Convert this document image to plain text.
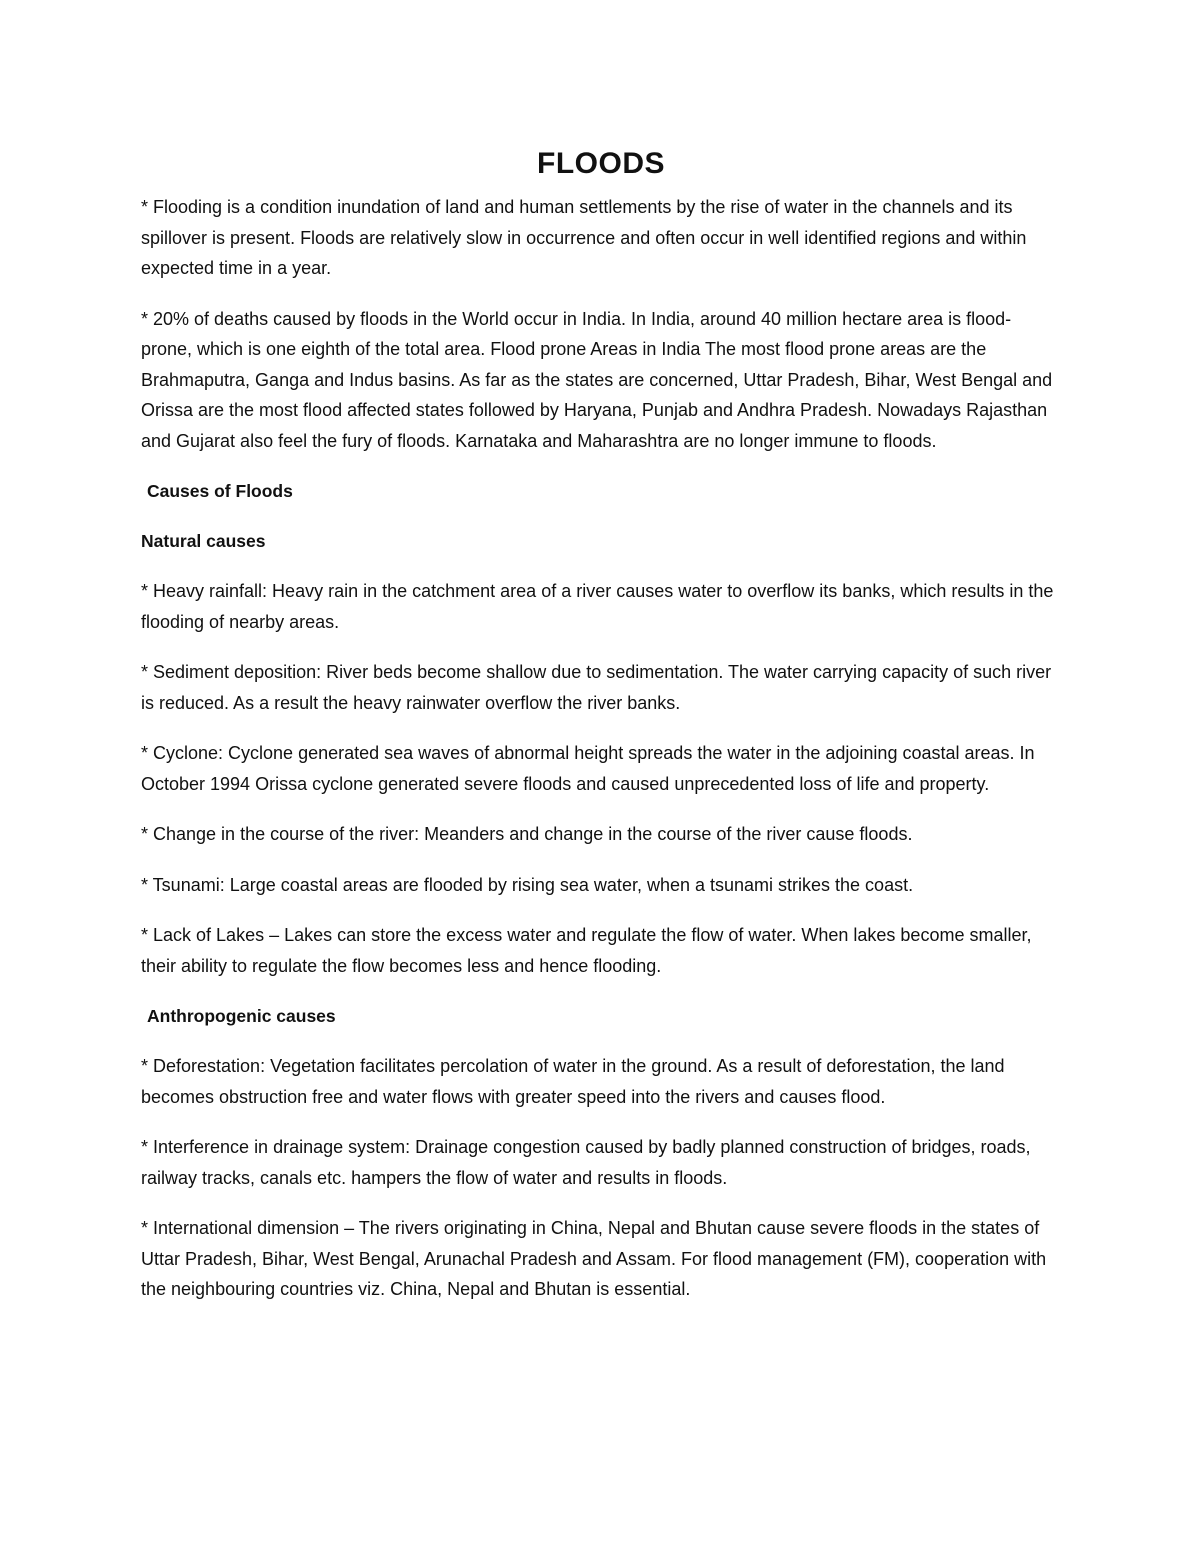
FLOODS

* Flooding is a condition inundation of land and human settlements by the rise of water in the channels and its spillover is present. Floods are relatively slow in occurrence and often occur in well identified regions and within expected time in a year.

* 20% of deaths caused by floods in the World occur in India. In India, around 40 million hectare area is flood-prone, which is one eighth of the total area. Flood prone Areas in India The most flood prone areas are the Brahmaputra, Ganga and Indus basins. As far as the states are concerned, Uttar Pradesh, Bihar, West Bengal and Orissa are the most flood affected states followed by Haryana, Punjab and Andhra Pradesh. Nowadays Rajasthan and Gujarat also feel the fury of floods. Karnataka and Maharashtra are no longer immune to floods.

Causes of Floods
Natural causes

* Heavy rainfall: Heavy rain in the catchment area of a river causes water to overflow its banks, which results in the flooding of nearby areas.

* Sediment deposition: River beds become shallow due to sedimentation. The water carrying capacity of such river is reduced. As a result the heavy rainwater overflow the river banks.

* Cyclone: Cyclone generated sea waves of abnormal height spreads the water in the adjoining coastal areas. In October 1994 Orissa cyclone generated severe floods and caused unprecedented loss of life and property.

* Change in the course of the river: Meanders and change in the course of the river cause floods.

* Tsunami: Large coastal areas are flooded by rising sea water, when a tsunami strikes the coast.

* Lack of Lakes – Lakes can store the excess water and regulate the flow of water. When lakes become smaller, their ability to regulate the flow becomes less and hence flooding.

Anthropogenic causes

* Deforestation: Vegetation facilitates percolation of water in the ground. As a result of deforestation, the land becomes obstruction free and water flows with greater speed into the rivers and causes flood.

* Interference in drainage system: Drainage congestion caused by badly planned construction of bridges, roads, railway tracks, canals etc. hampers the flow of water and results in floods.

* International dimension – The rivers originating in China, Nepal and Bhutan cause severe floods in the states of Uttar Pradesh, Bihar, West Bengal, Arunachal Pradesh and Assam. For flood management (FM), cooperation with the neighbouring countries viz. China, Nepal and Bhutan is essential.
